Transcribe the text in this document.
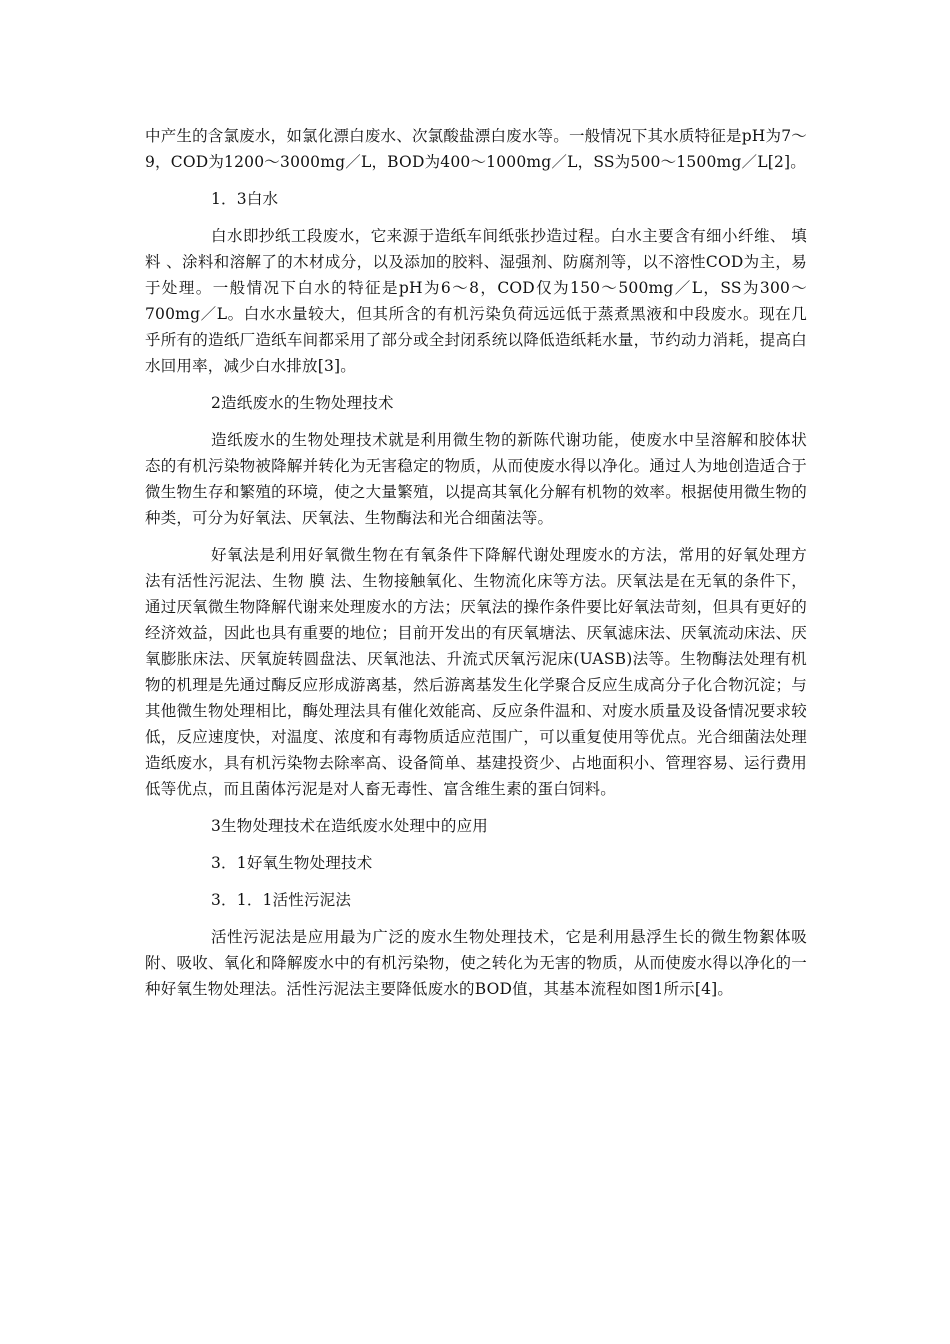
中产生的含氯废水，如氯化漂白废水、次氯酸盐漂白废水等。一般情况下其水质特征是pH为7～9，COD为1200～3000mg／L，BOD为400～1000mg／L，SS为500～1500mg／L[2]。

1．3白水

白水即抄纸工段废水，它来源于造纸车间纸张抄造过程。白水主要含有细小纤维、 填料 、涂料和溶解了的木材成分，以及添加的胶料、湿强剂、防腐剂等，以不溶性COD为主，易于处理。一般情况下白水的特征是pH为6～8，COD仅为150～500mg／L，SS为300～700mg／L。白水水量较大，但其所含的有机污染负荷远远低于蒸煮黑液和中段废水。现在几乎所有的造纸厂造纸车间都采用了部分或全封闭系统以降低造纸耗水量，节约动力消耗，提高白水回用率，减少白水排放[3]。

2造纸废水的生物处理技术

造纸废水的生物处理技术就是利用微生物的新陈代谢功能，使废水中呈溶解和胶体状态的有机污染物被降解并转化为无害稳定的物质，从而使废水得以净化。通过人为地创造适合于微生物生存和繁殖的环境，使之大量繁殖，以提高其氧化分解有机物的效率。根据使用微生物的种类，可分为好氧法、厌氧法、生物酶法和光合细菌法等。

好氧法是利用好氧微生物在有氧条件下降解代谢处理废水的方法，常用的好氧处理方法有活性污泥法、生物 膜 法、生物接触氧化、生物流化床等方法。厌氧法是在无氧的条件下，通过厌氧微生物降解代谢来处理废水的方法；厌氧法的操作条件要比好氧法苛刻，但具有更好的经济效益，因此也具有重要的地位；目前开发出的有厌氧塘法、厌氧滤床法、厌氧流动床法、厌氧膨胀床法、厌氧旋转圆盘法、厌氧池法、升流式厌氧污泥床(UASB)法等。生物酶法处理有机物的机理是先通过酶反应形成游离基，然后游离基发生化学聚合反应生成高分子化合物沉淀；与其他微生物处理相比，酶处理法具有催化效能高、反应条件温和、对废水质量及设备情况要求较低，反应速度快，对温度、浓度和有毒物质适应范围广，可以重复使用等优点。光合细菌法处理造纸废水，具有机污染物去除率高、设备简单、基建投资少、占地面积小、管理容易、运行费用低等优点，而且菌体污泥是对人畜无毒性、富含维生素的蛋白饲料。

3生物处理技术在造纸废水处理中的应用

3．1好氧生物处理技术

3．1．1活性污泥法

活性污泥法是应用最为广泛的废水生物处理技术，它是利用悬浮生长的微生物絮体吸附、吸收、氧化和降解废水中的有机污染物，使之转化为无害的物质，从而使废水得以净化的一种好氧生物处理法。活性污泥法主要降低废水的BOD值，其基本流程如图1所示[4]。
